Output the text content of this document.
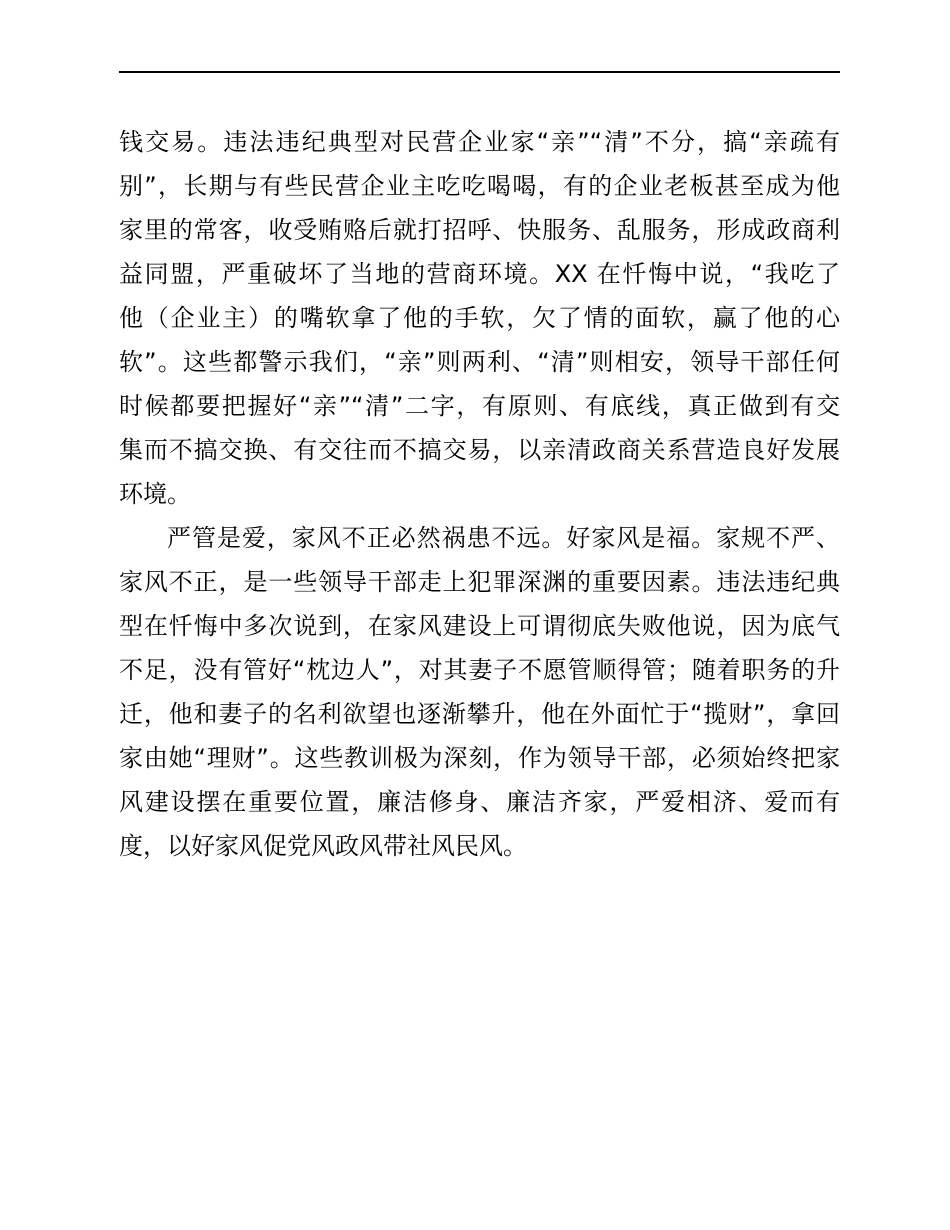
钱交易。违法违纪典型对民营企业家“亲”“清”不分，搞“亲疏有
别”，长期与有些民营企业主吃吃喝喝，有的企业老板甚至成为他
家里的常客，收受贿赂后就打招呼、快服务、乱服务，形成政商利
益同盟，严重破坏了当地的营商环境。XX 在忏悔中说，“我吃了
他（企业主）的嘴软拿了他的手软，欠了情的面软，赢了他的心
软”。这些都警示我们，“亲”则两利、“清”则相安，领导干部任何
时候都要把握好“亲”“清”二字，有原则、有底线，真正做到有交
集而不搞交换、有交往而不搞交易，以亲清政商关系营造良好发展
环境。
严管是爱，家风不正必然祸患不远。好家风是福。家规不严、
家风不正，是一些领导干部走上犯罪深渊的重要因素。违法违纪典
型在忏悔中多次说到，在家风建设上可谓彻底失败他说，因为底气
不足，没有管好“枕边人”，对其妻子不愿管顺得管；随着职务的升
迁，他和妻子的名利欲望也逐渐攀升，他在外面忙于“揽财”，拿回
家由她“理财”。这些教训极为深刻，作为领导干部，必须始终把家
风建设摆在重要位置，廉洁修身、廉洁齐家，严爱相济、爱而有
度，以好家风促党风政风带社风民风。
